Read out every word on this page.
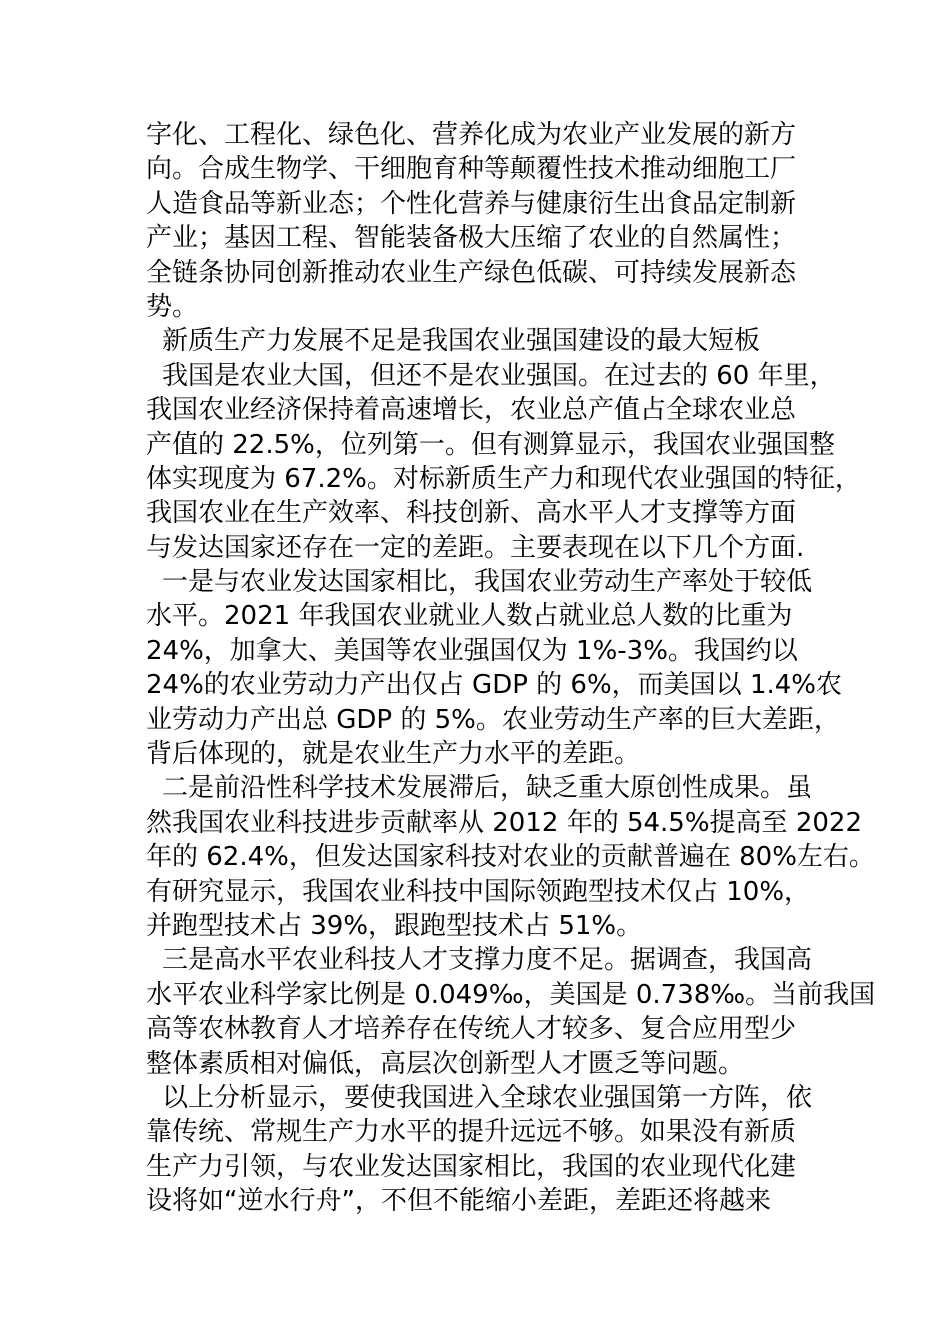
字化、工程化、绿色化、营养化成为农业产业发展的新方
向。合成生物学、干细胞育种等颠覆性技术推动细胞工厂
人造食品等新业态；个性化营养与健康衍生出食品定制新
产业；基因工程、智能装备极大压缩了农业的自然属性；
全链条协同创新推动农业生产绿色低碳、可持续发展新态
势。
新质生产力发展不足是我国农业强国建设的最大短板
我国是农业大国，但还不是农业强国。在过去的 60 年里，
我国农业经济保持着高速增长，农业总产值占全球农业总
产值的 22.5%，位列第一。但有测算显示，我国农业强国整
体实现度为 67.2%。对标新质生产力和现代农业强国的特征，
我国农业在生产效率、科技创新、高水平人才支撑等方面
与发达国家还存在一定的差距。主要表现在以下几个方面.
一是与农业发达国家相比，我国农业劳动生产率处于较低
水平。2021 年我国农业就业人数占就业总人数的比重为
24%，加拿大、美国等农业强国仅为 1%-3%。我国约以
24%的农业劳动力产出仅占 GDP 的 6%，而美国以 1.4%农
业劳动力产出总 GDP 的 5%。农业劳动生产率的巨大差距，
背后体现的，就是农业生产力水平的差距。
二是前沿性科学技术发展滞后，缺乏重大原创性成果。虽
然我国农业科技进步贡献率从 2012 年的 54.5%提高至 2022
年的 62.4%，但发达国家科技对农业的贡献普遍在 80%左右。
有研究显示，我国农业科技中国际领跑型技术仅占 10%，
并跑型技术占 39%，跟跑型技术占 51%。
三是高水平农业科技人才支撑力度不足。据调查，我国高
水平农业科学家比例是 0.049‰，美国是 0.738‰。当前我国
高等农林教育人才培养存在传统人才较多、复合应用型少
整体素质相对偏低，高层次创新型人才匮乏等问题。
以上分析显示，要使我国进入全球农业强国第一方阵，依
靠传统、常规生产力水平的提升远远不够。如果没有新质
生产力引领，与农业发达国家相比，我国的农业现代化建
设将如“逆水行舟”，不但不能缩小差距，差距还将越来
